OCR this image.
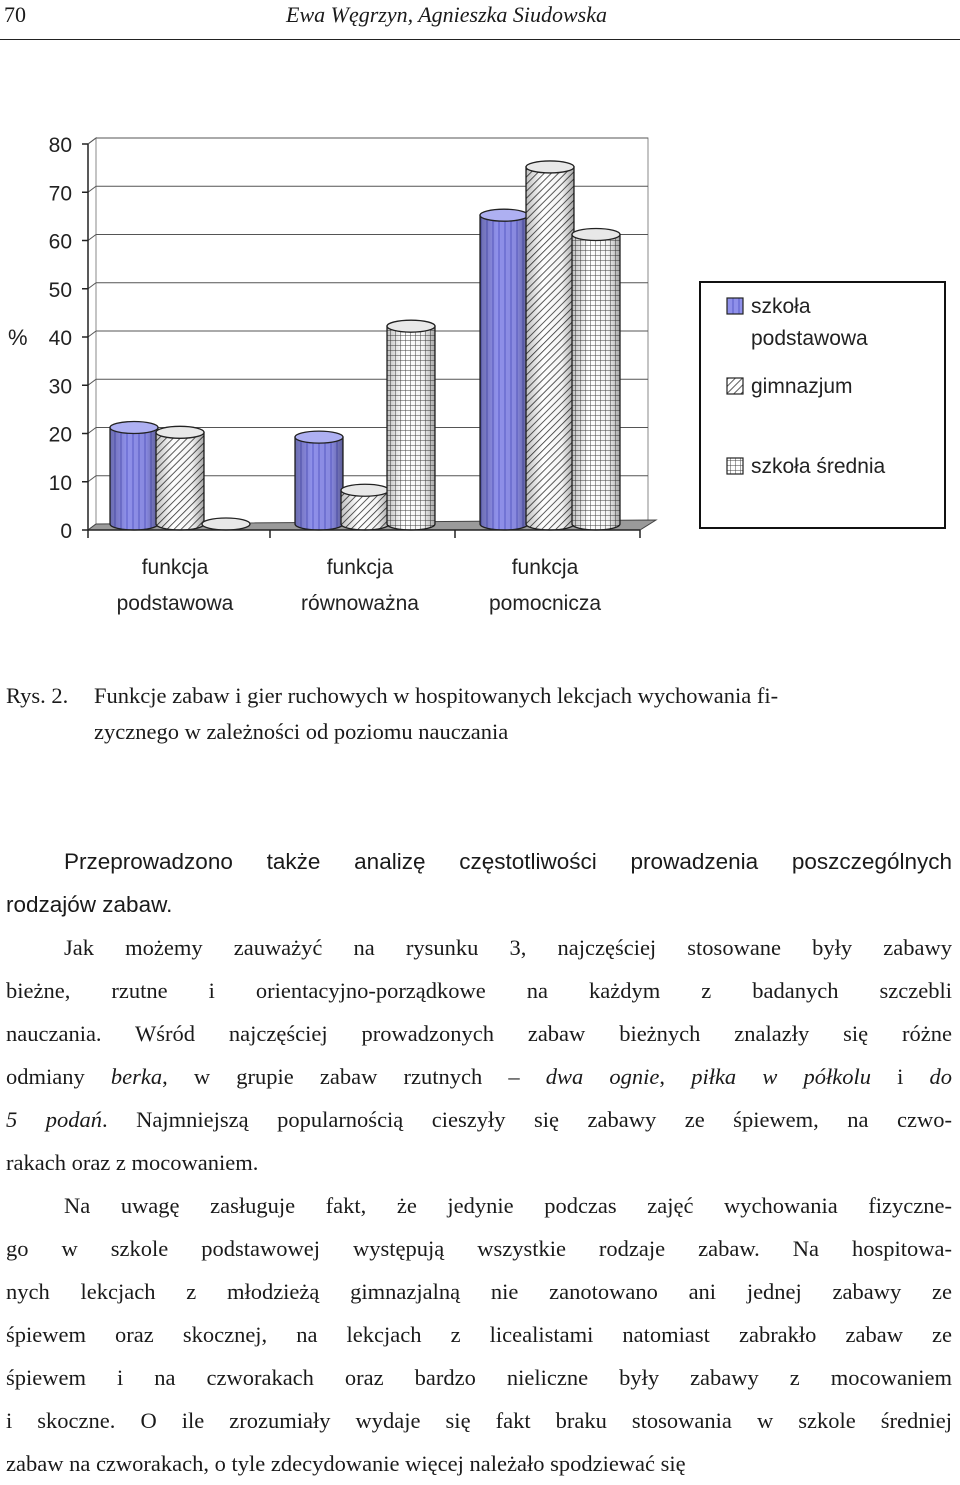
70	Ewa Węgrzyn, Agnieszka Siudowska
0
10
20
30
40
50
60
70
80
%
funkcja
podstawowa
funkcja
równoważna
funkcja
pomocnicza
szkoła
podstawowa
gimnazjum
szkoła średnia
Rys. 2. Funkcje zabaw i gier ruchowych w hospitowanych lekcjach wychowania fi-
zycznego w zależności od poziomu nauczania

Przeprowadzono także analizę częstotliwości prowadzenia poszczególnych
rodzajów zabaw.

Jak możemy zauważyć na rysunku 3, najczęściej stosowane były zabawy
bieżne, rzutne i orientacyjno-porządkowe na każdym z badanych szczebli
nauczania. Wśród najczęściej prowadzonych zabaw bieżnych znalazły się różne
odmiany berka, w grupie zabaw rzutnych – dwa ognie, piłka w półkolu i do
5 podań. Najmniejszą popularnością cieszyły się zabawy ze śpiewem, na czwo-
rakach oraz z mocowaniem.

Na uwagę zasługuje fakt, że jedynie podczas zajęć wychowania fizyczne-
go w szkole podstawowej występują wszystkie rodzaje zabaw. Na hospitowa-
nych lekcjach z młodzieżą gimnazjalną nie zanotowano ani jednej zabawy ze
śpiewem oraz skocznej, na lekcjach z licealistami natomiast zabrakło zabaw ze
śpiewem i na czworakach oraz bardzo nieliczne były zabawy z mocowaniem
i skoczne. O ile zrozumiały wydaje się fakt braku stosowania w szkole średniej
zabaw na czworakach, o tyle zdecydowanie więcej należało spodziewać się
